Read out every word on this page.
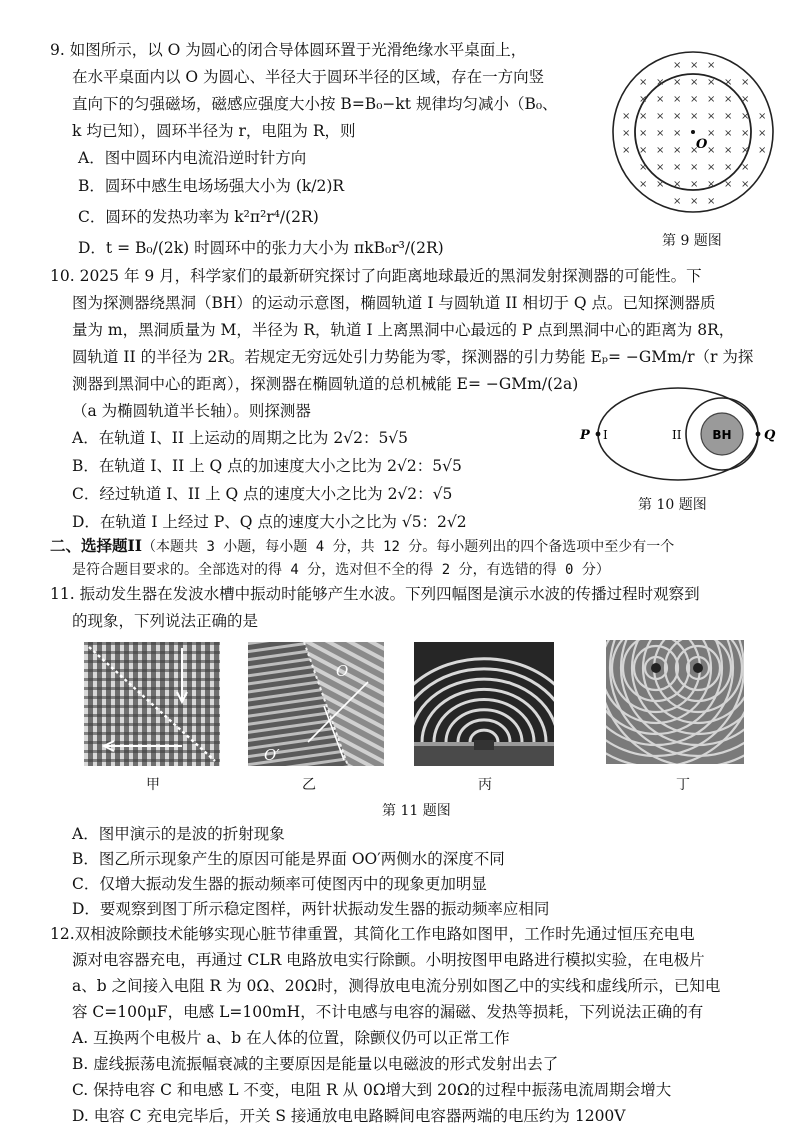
9. 如图所示，以 O 为圆心的闭合导体圆环置于光滑绝缘水平桌面上，
在水平桌面内以 O 为圆心、半径大于圆环半径的区域，存在一方向竖
直向下的匀强磁场，磁感应强度大小按 B=B₀−kt 规律均匀减小（B₀、
k 均已知），圆环半径为 r，电阻为 R，则
A．图中圆环内电流沿逆时针方向
B．圆环中感生电场场强大小为 (k/2)R
C．圆环的发热功率为 k²π²r⁴/(2R)
D．t = B₀/(2k) 时圆环中的张力大小为 πkB₀r³/(2R)
× × ×
× × × × × × ×
× × × × × × ×
× × × × × × × × ×
× × × ×	× × × ×
× × × × × × × × ×
× × × × × × ×
× × × × × × ×
× × ×
O
第 9 题图
10. 2025 年 9 月，科学家们的最新研究探讨了向距离地球最近的黑洞发射探测器的可能性。下
图为探测器绕黑洞（BH）的运动示意图，椭圆轨道 I 与圆轨道 II 相切于 Q 点。已知探测器质
量为 m，黑洞质量为 M，半径为 R，轨道 I 上离黑洞中心最远的 P 点到黑洞中心的距离为 8R，
圆轨道 II 的半径为 2R。若规定无穷远处引力势能为零，探测器的引力势能 Eₚ= −GMm/r（r 为探
测器到黑洞中心的距离），探测器在椭圆轨道的总机械能 E= −GMm/(2a)
（a 为椭圆轨道半长轴）。则探测器
A．在轨道 I、II 上运动的周期之比为 2√2：5√5
B．在轨道 I、II 上 Q 点的加速度大小之比为 2√2：5√5
C．经过轨道 I、II 上 Q 点的速度大小之比为 2√2：√5
D．在轨道 I 上经过 P、Q 点的速度大小之比为 √5：2√2
P I	II	BH Q
第 10 题图
二、选择题II（本题共 3 小题，每小题 4 分，共 12 分。每小题列出的四个备选项中至少有一个
是符合题目要求的。全部选对的得 4 分，选对但不全的得 2 分，有选错的得 0 分）
11. 振动发生器在发波水槽中振动时能够产生水波。下列四幅图是演示水波的传播过程时观察到
的现象，下列说法正确的是
甲
O
O′
乙	丙	丁
第 11 题图
A．图甲演示的是波的折射现象
B．图乙所示现象产生的原因可能是界面 OO′两侧水的深度不同
C．仅增大振动发生器的振动频率可使图丙中的现象更加明显
D．要观察到图丁所示稳定图样，两针状振动发生器的振动频率应相同
12.双相波除颤技术能够实现心脏节律重置，其简化工作电路如图甲，工作时先通过恒压充电电
源对电容器充电，再通过 CLR 电路放电实行除颤。小明按图甲电路进行模拟实验，在电极片
a、b 之间接入电阻 R 为 0Ω、20Ω时，测得放电电流分别如图乙中的实线和虚线所示，已知电
容 C=100μF，电感 L=100mH，不计电感与电容的漏磁、发热等损耗，下列说法正确的有
A. 互换两个电极片 a、b 在人体的位置，除颤仪仍可以正常工作
B. 虚线振荡电流振幅衰减的主要原因是能量以电磁波的形式发射出去了
C. 保持电容 C 和电感 L 不变，电阻 R 从 0Ω增大到 20Ω的过程中振荡电流周期会增大
D. 电容 C 充电完毕后，开关 S 接通放电电路瞬间电容器两端的电压约为 1200V
